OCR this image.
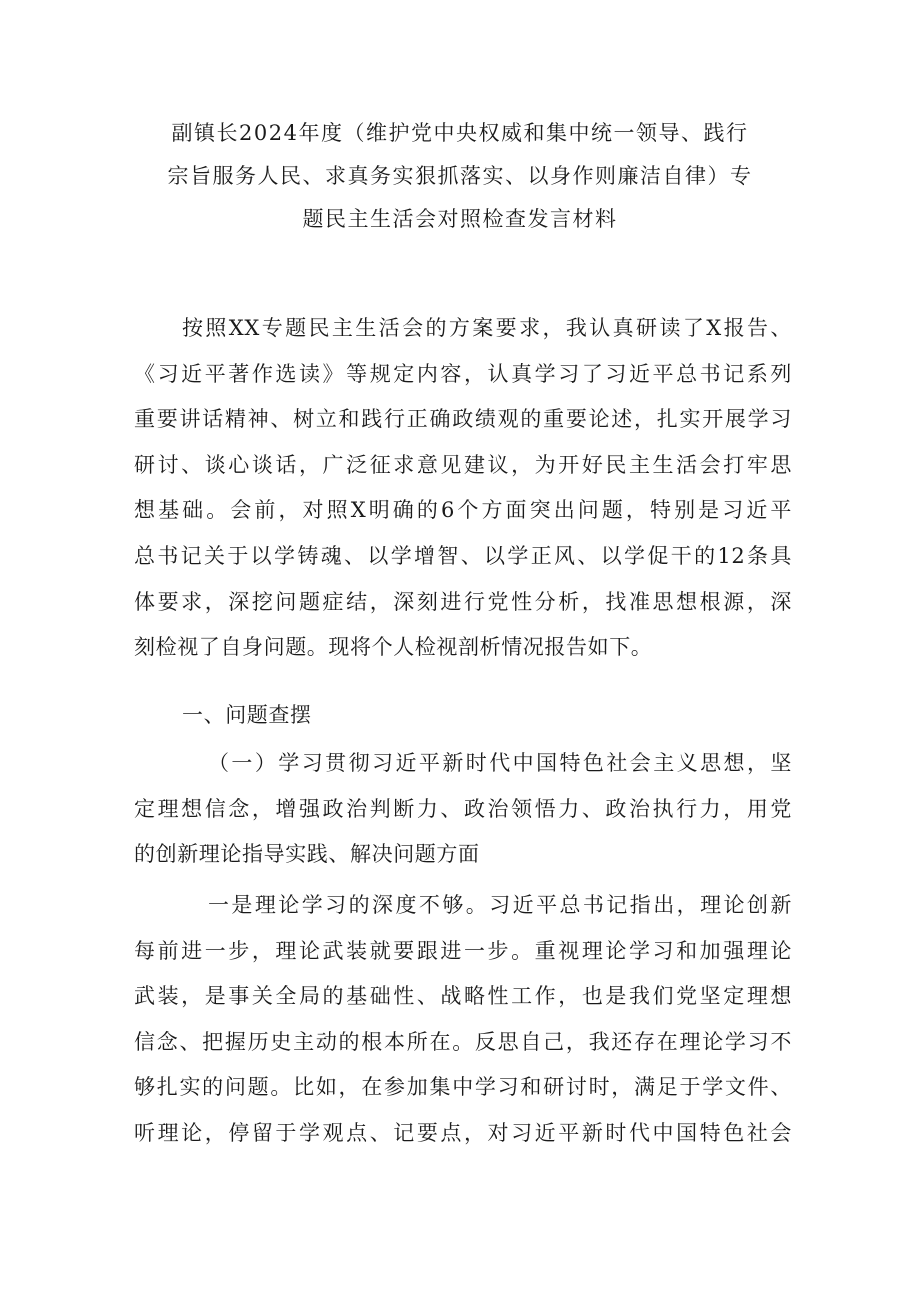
副镇长2024年度（维护党中央权威和集中统一领导、践行
宗旨服务人民、求真务实狠抓落实、以身作则廉洁自律）专
题民主生活会对照检查发言材料
按照XX专题民主生活会的方案要求，我认真研读了X报告、
《习近平著作选读》等规定内容，认真学习了习近平总书记系列
重要讲话精神、树立和践行正确政绩观的重要论述，扎实开展学习
研讨、谈心谈话，广泛征求意见建议，为开好民主生活会打牢思
想基础。会前，对照X明确的6个方面突出问题，特别是习近平
总书记关于以学铸魂、以学增智、以学正风、以学促干的12条具
体要求，深挖问题症结，深刻进行党性分析，找准思想根源，深
刻检视了自身问题。现将个人检视剖析情况报告如下。
一、问题查摆
（一）学习贯彻习近平新时代中国特色社会主义思想，坚
定理想信念，增强政治判断力、政治领悟力、政治执行力，用党
的创新理论指导实践、解决问题方面
一是理论学习的深度不够。习近平总书记指出，理论创新
每前进一步，理论武装就要跟进一步。重视理论学习和加强理论
武装，是事关全局的基础性、战略性工作，也是我们党坚定理想
信念、把握历史主动的根本所在。反思自己，我还存在理论学习不
够扎实的问题。比如，在参加集中学习和研讨时，满足于学文件、
听理论，停留于学观点、记要点，对习近平新时代中国特色社会
